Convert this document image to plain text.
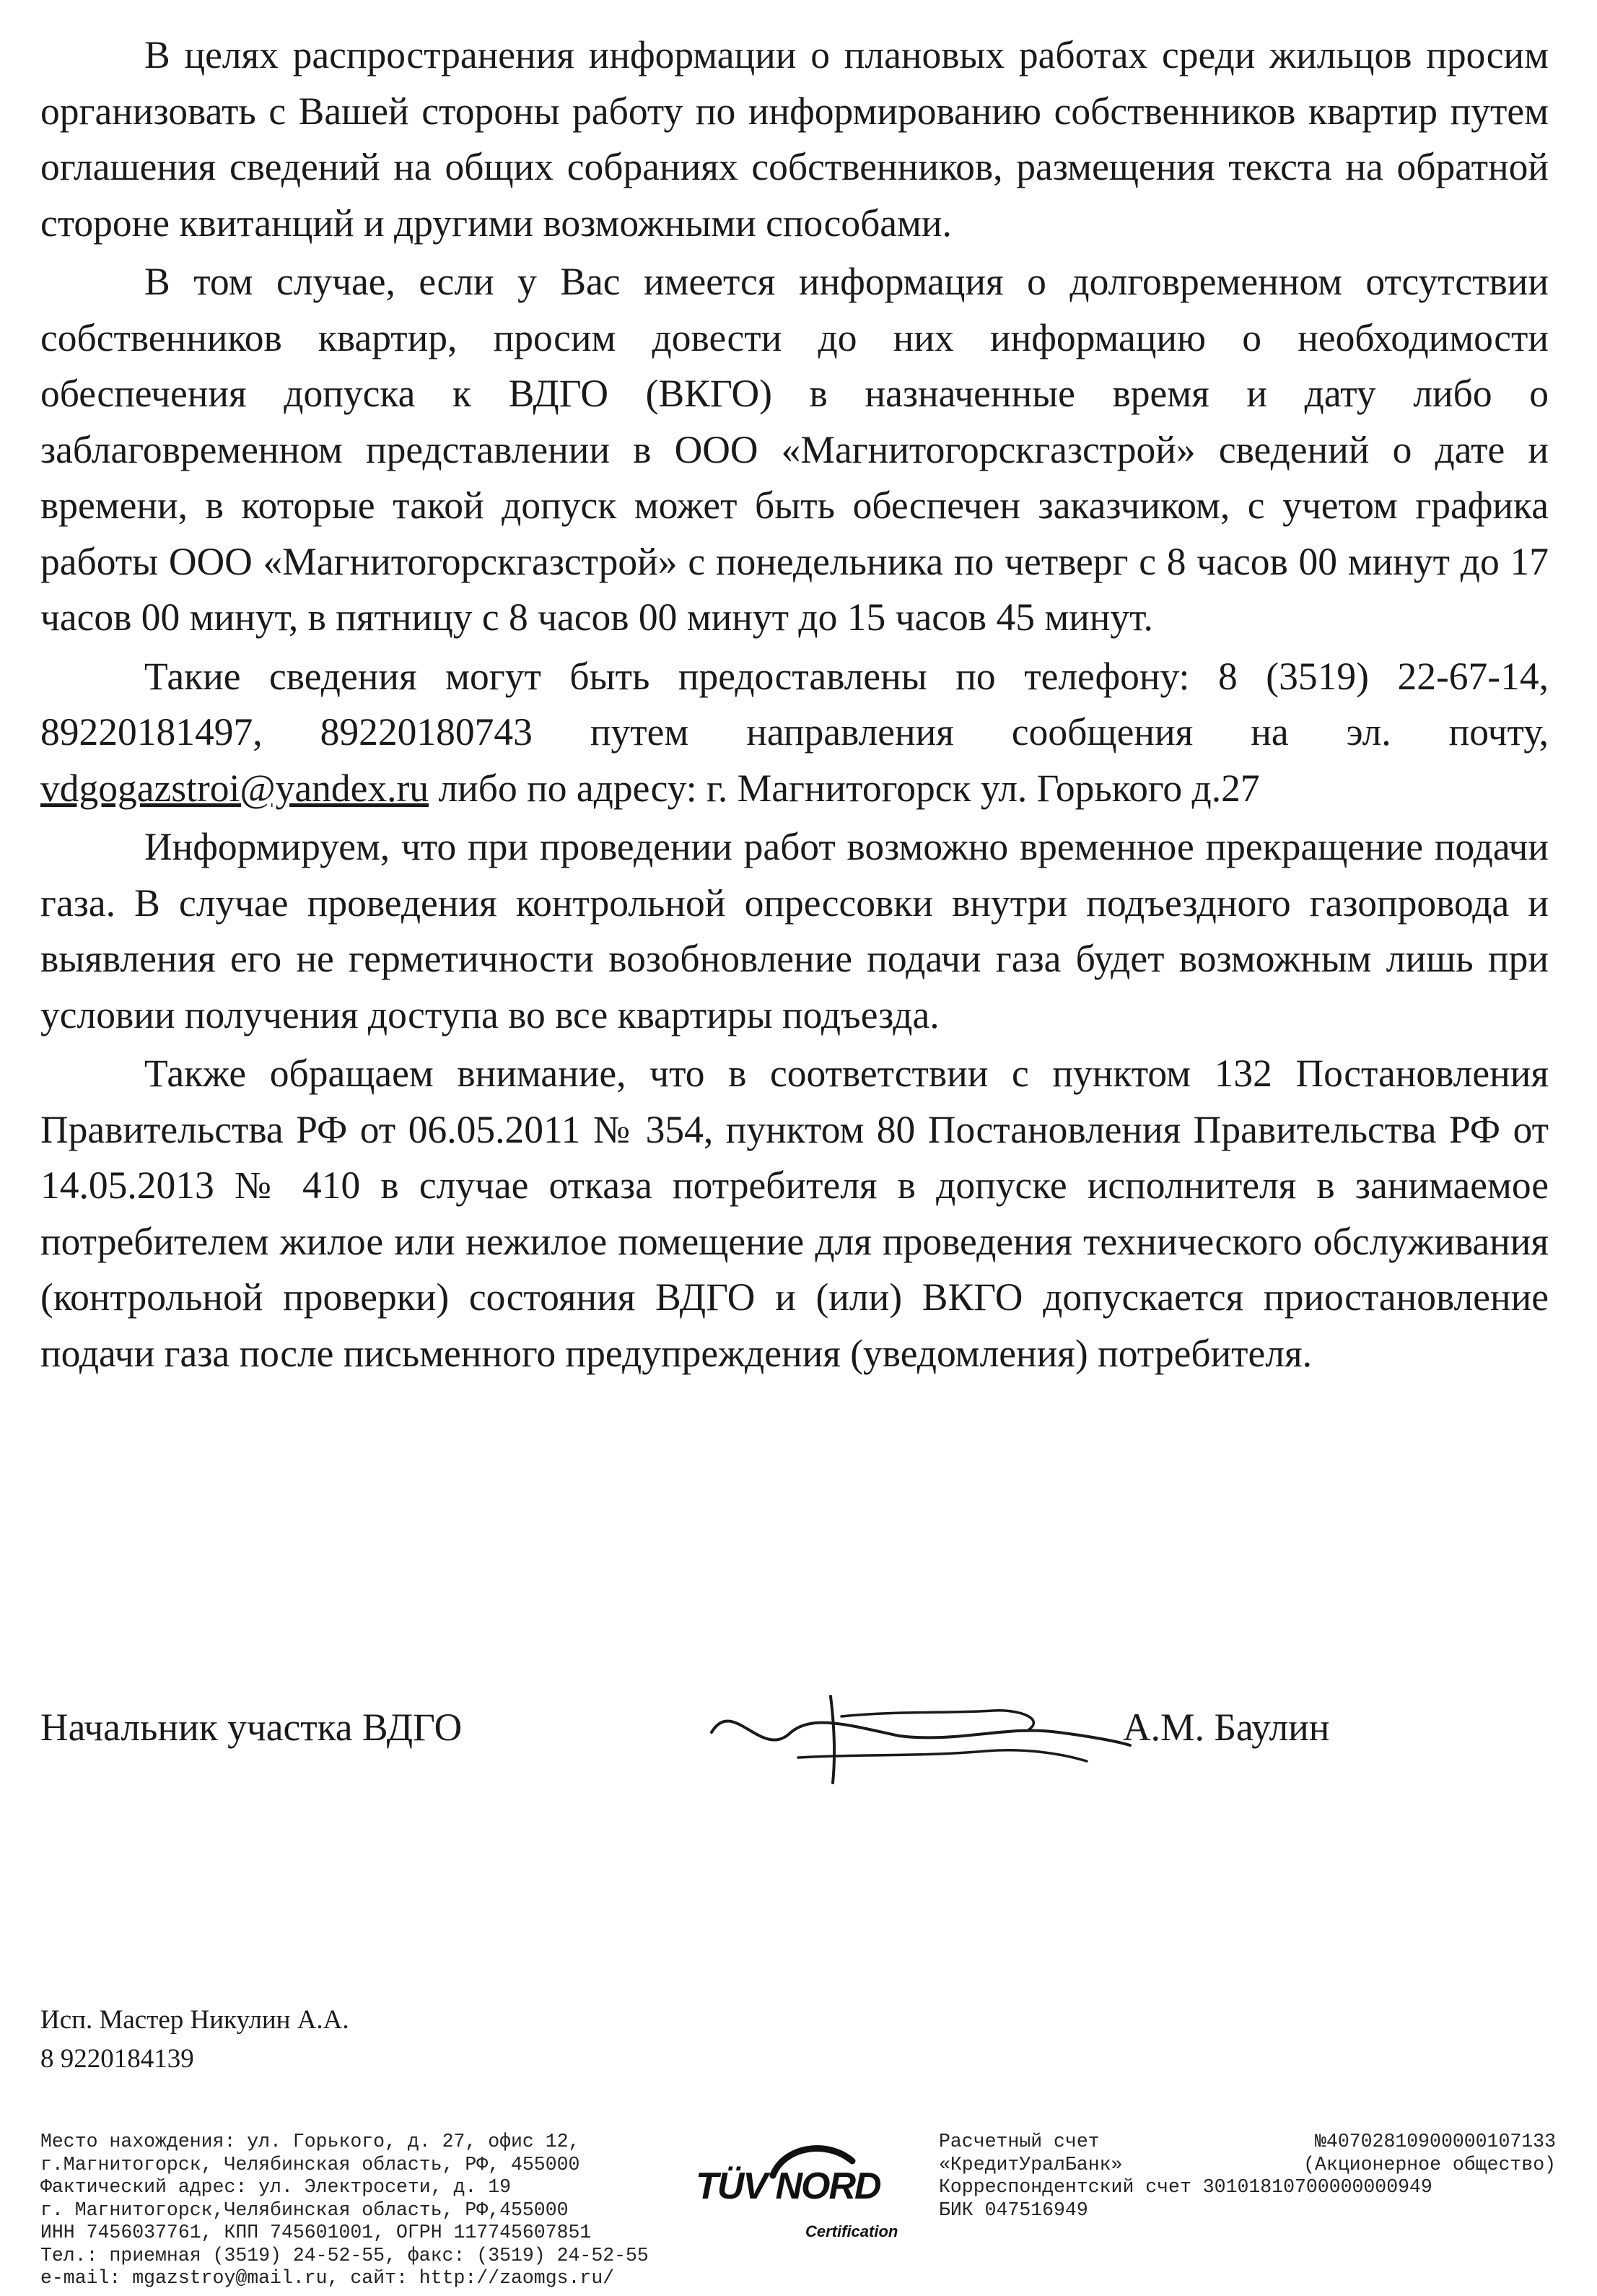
В целях распространения информации о плановых работах среди жильцов просим организовать с Вашей стороны работу по информированию собственников квартир путем оглашения сведений на общих собраниях собственников, размещения текста на обратной стороне квитанций и другими возможными способами.

В том случае, если у Вас имеется информация о долговременном отсутствии собственников квартир, просим довести до них информацию о необходимости обеспечения допуска к ВДГО (ВКГО) в назначенные время и дату либо о заблаговременном представлении в ООО «Магнитогорскгазстрой» сведений о дате и времени, в которые такой допуск может быть обеспечен заказчиком, с учетом графика работы ООО «Магнитогорскгазстрой» с понедельника по четверг с 8 часов 00 минут до 17 часов 00 минут, в пятницу с 8 часов 00 минут до 15 часов 45 минут.

Такие сведения могут быть предоставлены по телефону: 8 (3519) 22-67-14, 89220181497, 89220180743 путем направления сообщения на эл. почту, vdgogazstroi@yandex.ru либо по адресу: г. Магнитогорск ул. Горького д.27

Информируем, что при проведении работ возможно временное прекращение подачи газа. В случае проведения контрольной опрессовки внутри подъездного газопровода и выявления его не герметичности возобновление подачи газа будет возможным лишь при условии получения доступа во все квартиры подъезда.

Также обращаем внимание, что в соответствии с пунктом 132 Постановления Правительства РФ от 06.05.2011 № 354, пунктом 80 Постановления Правительства РФ от 14.05.2013 № 410 в случае отказа потребителя в допуске исполнителя в занимаемое потребителем жилое или нежилое помещение для проведения технического обслуживания (контрольной проверки) состояния ВДГО и (или) ВКГО допускается приостановление подачи газа после письменного предупреждения (уведомления) потребителя.

Начальник участка ВДГО	А.М. Баулин
Исп. Мастер Никулин А.А.
8 9220184139
Место нахождения: ул. Горького, д. 27, офис 12,
г.Магнитогорск, Челябинская область, РФ, 455000
Фактический адрес: ул. Электросети, д. 19
г. Магнитогорск,Челябинская область, РФ,455000
ИНН 7456037761, КПП 745601001, ОГРН 117745607851
Тел.: приемная (3519) 24-52-55, факс: (3519) 24-52-55
e-mail: mgazstroy@mail.ru, сайт: http://zaomgs.ru/
TÜV NORD
Certification
Расчетный счет	№40702810900000107133
«КредитУралБанк»	(Акционерное общество)
Корреспондентский счет 30101810700000000949
БИК 047516949
